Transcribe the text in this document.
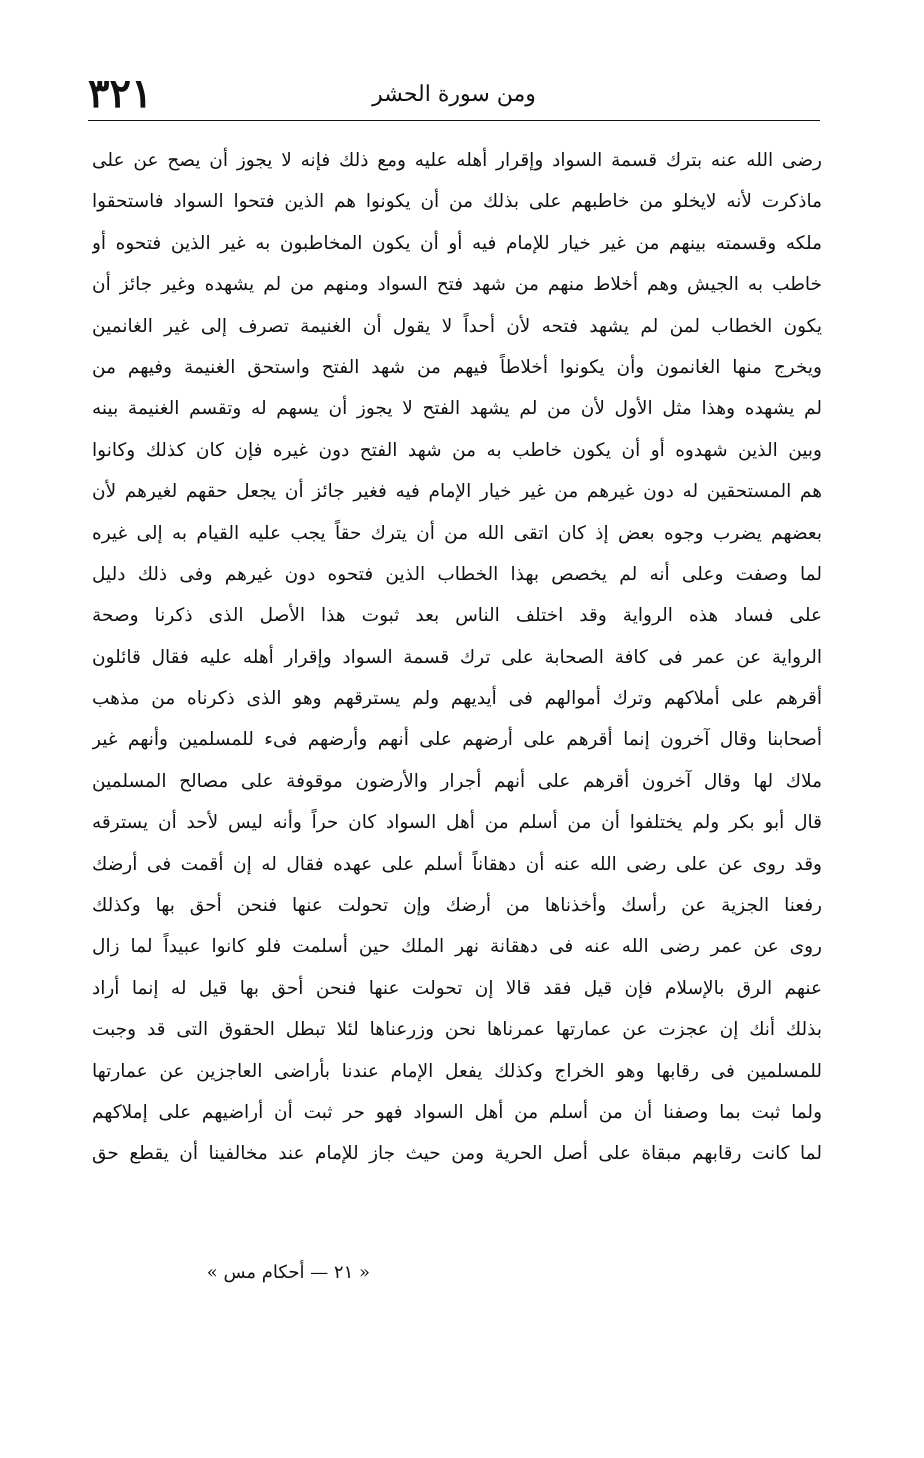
٣٢١	ومن سورة الحشر
رضى الله عنه بترك قسمة السواد وإقرار أهله عليه ومع ذلك فإنه لا يجوز أن يصح عن على
ماذكرت لأنه لايخلو من خاطبهم على بذلك من أن يكونوا هم الذين فتحوا السواد فاستحقوا
ملكه وقسمته بينهم من غير خيار للإمام فيه أو أن يكون المخاطبون به غير الذين فتحوه أو
خاطب به الجيش وهم أخلاط منهم من شهد فتح السواد ومنهم من لم يشهده وغير جائز أن
يكون الخطاب لمن لم يشهد فتحه لأن أحداً لا يقول أن الغنيمة تصرف إلى غير الغانمين
ويخرج منها الغانمون وأن يكونوا أخلاطاً فيهم من شهد الفتح واستحق الغنيمة وفيهم من
لم يشهده وهذا مثل الأول لأن من لم يشهد الفتح لا يجوز أن يسهم له وتقسم الغنيمة بينه
وبين الذين شهدوه أو أن يكون خاطب به من شهد الفتح دون غيره فإن كان كذلك وكانوا
هم المستحقين له دون غيرهم من غير خيار الإمام فيه فغير جائز أن يجعل حقهم لغيرهم لأن
بعضهم يضرب وجوه بعض إذ كان اتقى الله من أن يترك حقاً يجب عليه القيام به إلى غيره
لما وصفت وعلى أنه لم يخصص بهذا الخطاب الذين فتحوه دون غيرهم وفى ذلك دليل
على فساد هذه الرواية وقد اختلف الناس بعد ثبوت هذا الأصل الذى ذكرنا وصحة
الرواية عن عمر فى كافة الصحابة على ترك قسمة السواد وإقرار أهله عليه فقال قائلون
أقرهم على أملاكهم وترك أموالهم فى أيديهم ولم يسترقهم وهو الذى ذكرناه من مذهب
أصحابنا وقال آخرون إنما أقرهم على أرضهم على أنهم وأرضهم فىء للمسلمين وأنهم غير
ملاك لها وقال آخرون أقرهم على أنهم أجرار والأرضون موقوفة على مصالح المسلمين
قال أبو بكر ولم يختلفوا أن من أسلم من أهل السواد كان حراً وأنه ليس لأحد أن يسترقه
وقد روى عن على رضى الله عنه أن دهقاناً أسلم على عهده فقال له إن أقمت فى أرضك
رفعنا الجزية عن رأسك وأخذناها من أرضك وإن تحولت عنها فنحن أحق بها وكذلك
روى عن عمر رضى الله عنه فى دهقانة نهر الملك حين أسلمت فلو كانوا عبيداً لما زال
عنهم الرق بالإسلام فإن قيل فقد قالا إن تحولت عنها فنحن أحق بها قيل له إنما أراد
بذلك أنك إن عجزت عن عمارتها عمرناها نحن وزرعناها لئلا تبطل الحقوق التى قد وجبت
للمسلمين فى رقابها وهو الخراج وكذلك يفعل الإمام عندنا بأراضى العاجزين عن عمارتها
ولما ثبت بما وصفنا أن من أسلم من أهل السواد فهو حر ثبت أن أراضيهم على إملاكهم
لما كانت رقابهم مبقاة على أصل الحرية ومن حيث جاز للإمام عند مخالفينا أن يقطع حق
« ٢١ — أحكام مس »
